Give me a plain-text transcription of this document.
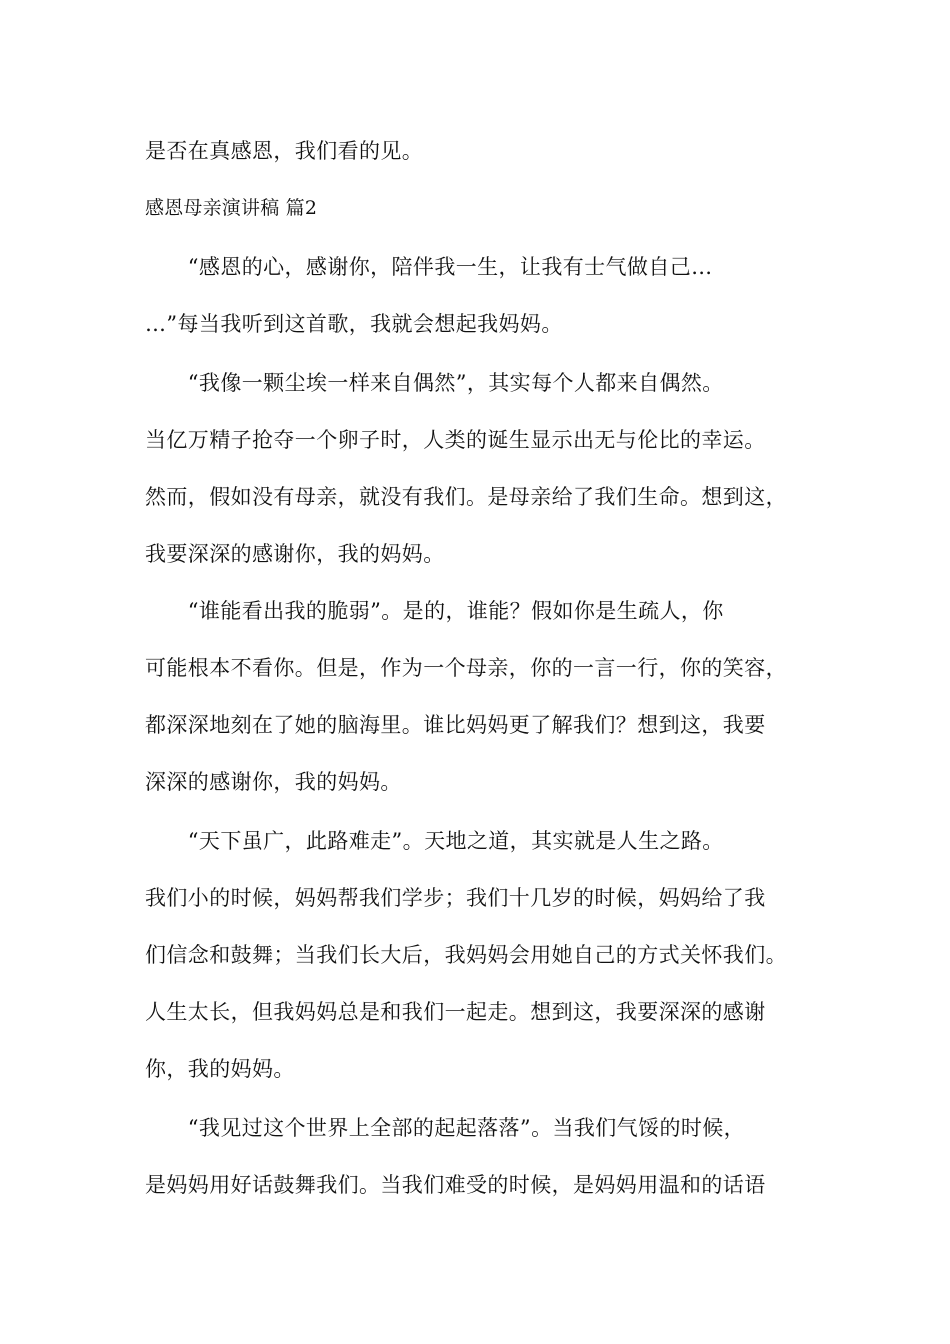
是否在真感恩，我们看的见。

感恩母亲演讲稿 篇2

　　“感恩的心，感谢你，陪伴我一生，让我有士气做自己…

…”每当我听到这首歌，我就会想起我妈妈。

　　“我像一颗尘埃一样来自偶然”，其实每个人都来自偶然。

当亿万精子抢夺一个卵子时，人类的诞生显示出无与伦比的幸运。

然而，假如没有母亲，就没有我们。是母亲给了我们生命。想到这，

我要深深的感谢你，我的妈妈。

　　“谁能看出我的脆弱”。是的，谁能？假如你是生疏人，你

可能根本不看你。但是，作为一个母亲，你的一言一行，你的笑容，

都深深地刻在了她的脑海里。谁比妈妈更了解我们？想到这，我要

深深的感谢你，我的妈妈。

　　“天下虽广，此路难走”。天地之道，其实就是人生之路。

我们小的时候，妈妈帮我们学步；我们十几岁的时候，妈妈给了我

们信念和鼓舞；当我们长大后，我妈妈会用她自己的方式关怀我们。

人生太长，但我妈妈总是和我们一起走。想到这，我要深深的感谢

你，我的妈妈。

　　“我见过这个世界上全部的起起落落”。当我们气馁的时候，

是妈妈用好话鼓舞我们。当我们难受的时候，是妈妈用温和的话语
